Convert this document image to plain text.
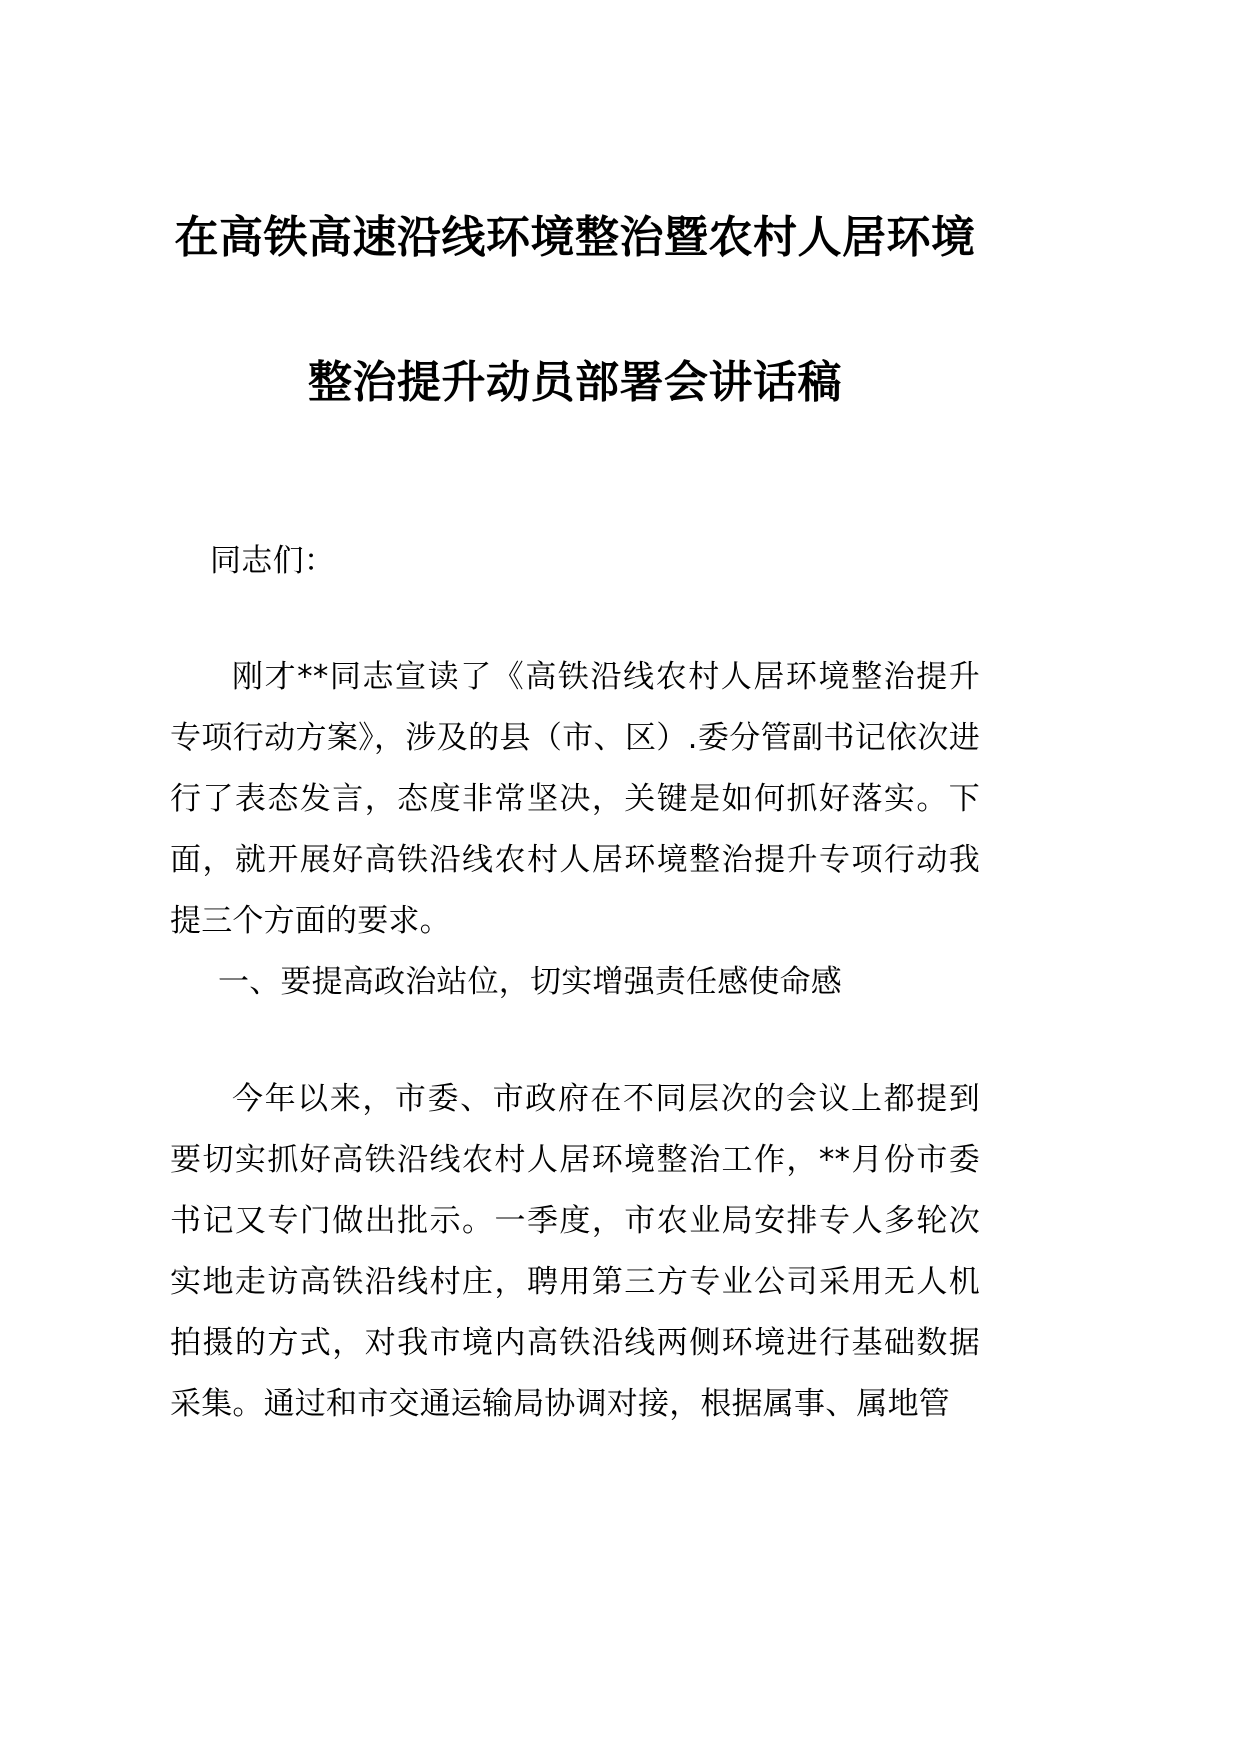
在高铁高速沿线环境整治暨农村人居环境
整治提升动员部署会讲话稿

同志们：

刚才**同志宣读了《高铁沿线农村人居环境整治提升专项行动方案》，涉及的县（市、区）.委分管副书记依次进行了表态发言，态度非常坚决，关键是如何抓好落实。下面，就开展好高铁沿线农村人居环境整治提升专项行动我提三个方面的要求。

一、要提高政治站位，切实增强责任感使命感

今年以来，市委、市政府在不同层次的会议上都提到要切实抓好高铁沿线农村人居环境整治工作，**月份市委书记又专门做出批示。一季度，市农业局安排专人多轮次实地走访高铁沿线村庄，聘用第三方专业公司采用无人机拍摄的方式，对我市境内高铁沿线两侧环境进行基础数据采集。通过和市交通运输局协调对接，根据属事、属地管
